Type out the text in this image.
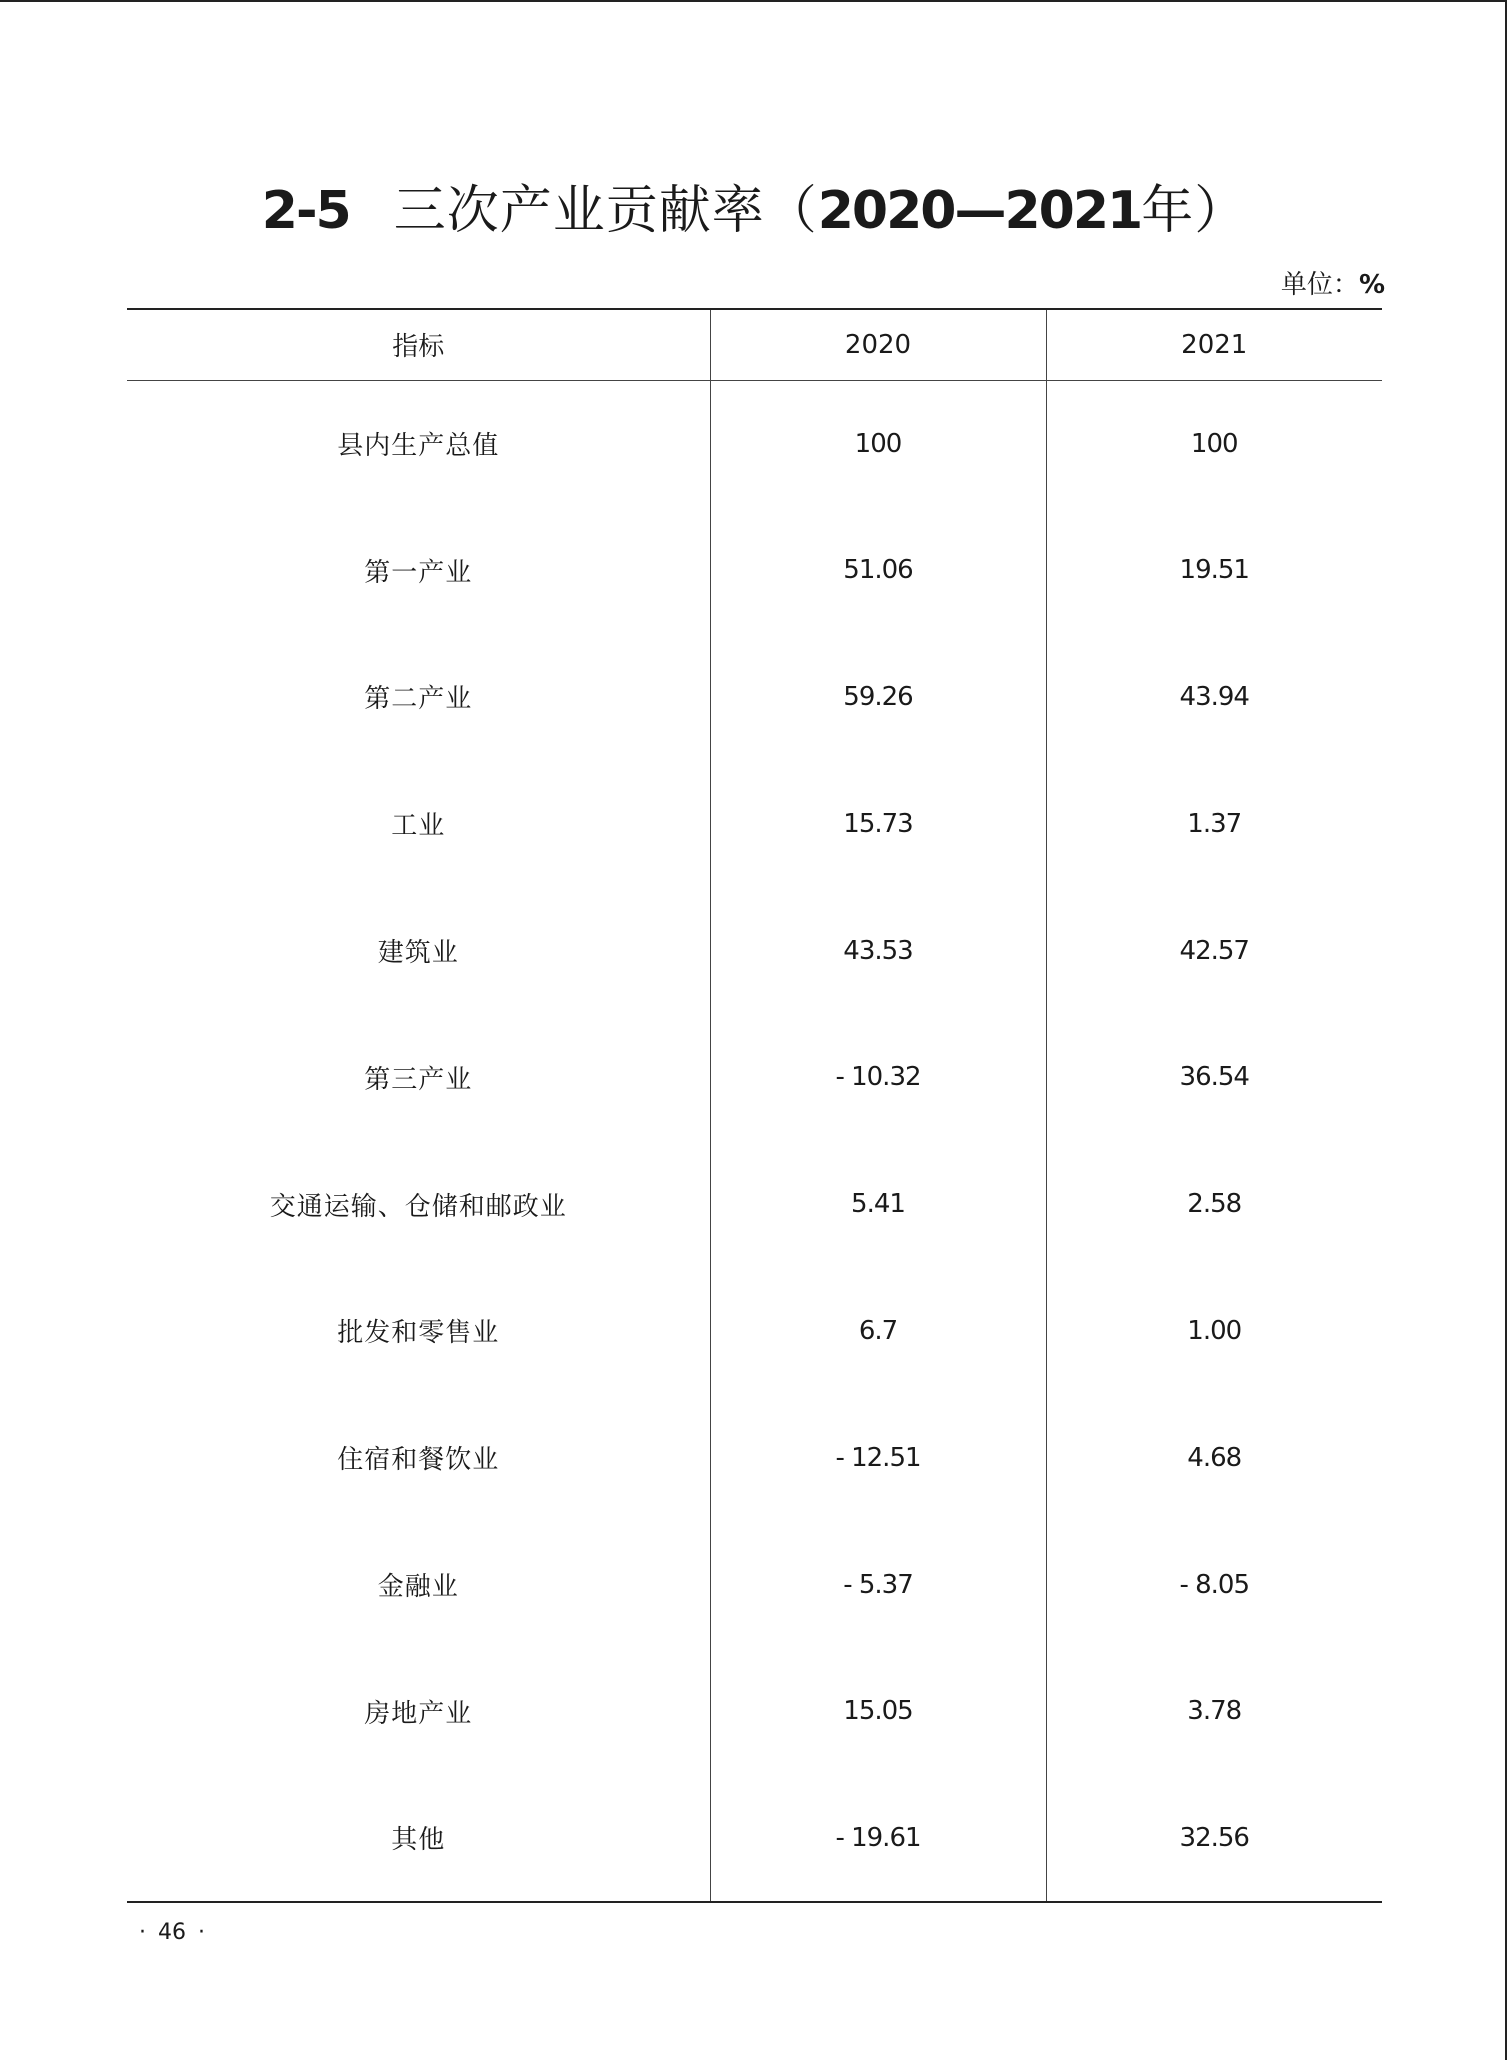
2-5 三次产业贡献率（2020—2021年）
单位：%
指标	2020	2021
县内生产总值	100	100
第一产业	51.06	19.51
第二产业	59.26	43.94
工业	15.73	1.37
建筑业	43.53	42.57
第三产业	- 10.32	36.54
交通运输、仓储和邮政业	5.41	2.58
批发和零售业	6.7	1.00
住宿和餐饮业	- 12.51	4.68
金融业	- 5.37	- 8.05
房地产业	15.05	3.78
其他	- 19.61	32.56
· 46 ·
